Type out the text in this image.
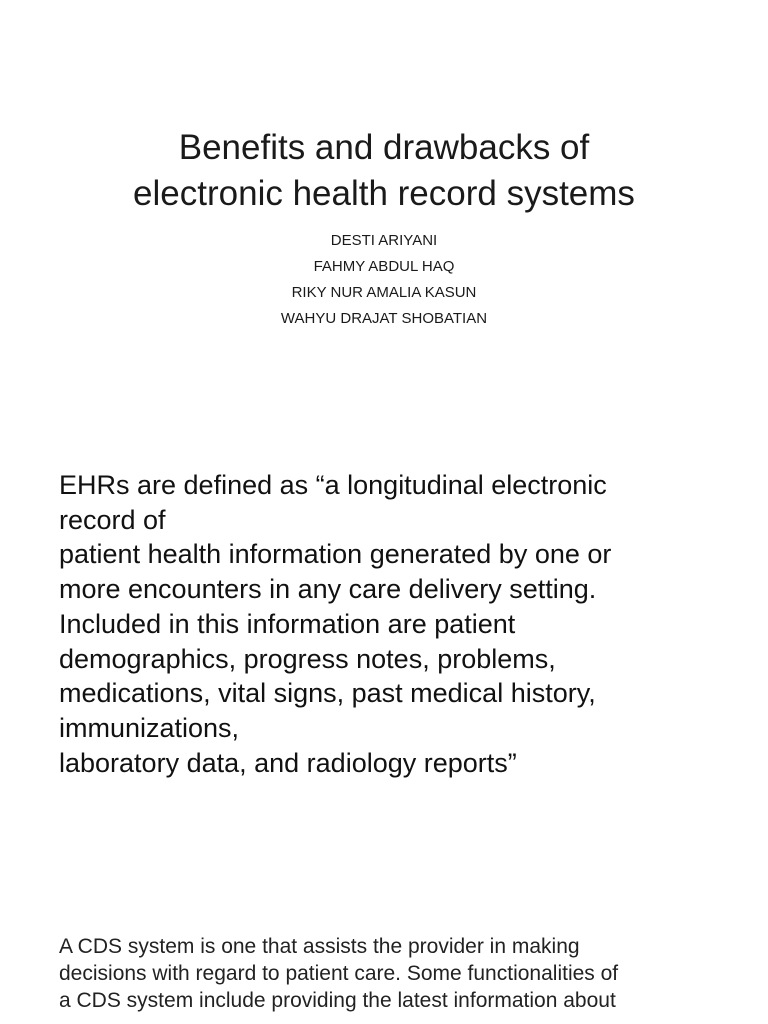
Benefits and drawbacks of
electronic health record systems
DESTI ARIYANI
FAHMY ABDUL HAQ
RIKY NUR AMALIA KASUN
WAHYU DRAJAT SHOBATIAN
EHRs are defined as “a longitudinal electronic
record of
patient health information generated by one or
more encounters in any care delivery setting.
Included in this information are patient
demographics, progress notes, problems,
medications, vital signs, past medical history,
immunizations,
laboratory data, and radiology reports”
A CDS system is one that assists the provider in making
decisions with regard to patient care. Some functionalities of
a CDS system include providing the latest information about
